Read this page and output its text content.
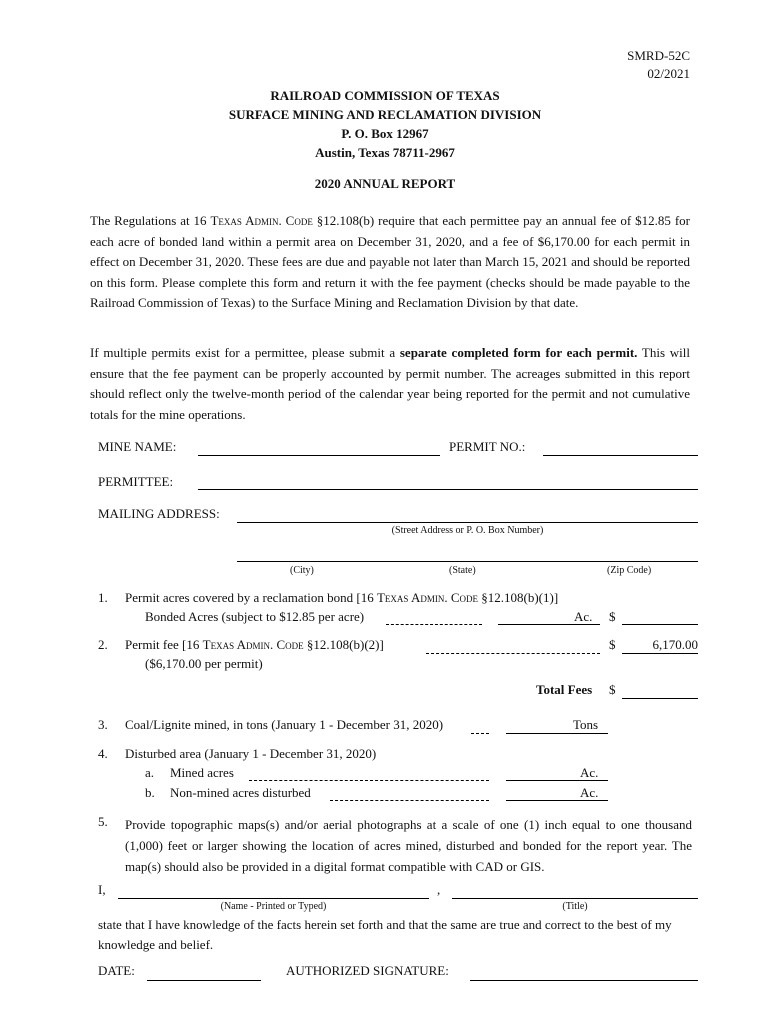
SMRD-52C
02/2021
RAILROAD COMMISSION OF TEXAS
SURFACE MINING AND RECLAMATION DIVISION
P. O. Box 12967
Austin, Texas 78711-2967
2020 ANNUAL REPORT
The Regulations at 16 Texas Admin. Code §12.108(b) require that each permittee pay an annual fee of $12.85 for each acre of bonded land within a permit area on December 31, 2020, and a fee of $6,170.00 for each permit in effect on December 31, 2020. These fees are due and payable not later than March 15, 2021 and should be reported on this form. Please complete this form and return it with the fee payment (checks should be made payable to the Railroad Commission of Texas) to the Surface Mining and Reclamation Division by that date.
If multiple permits exist for a permittee, please submit a separate completed form for each permit. This will ensure that the fee payment can be properly accounted by permit number. The acreages submitted in this report should reflect only the twelve-month period of the calendar year being reported for the permit and not cumulative totals for the mine operations.
MINE NAME:	PERMIT NO.:
PERMITTEE:
MAILING ADDRESS:
(Street Address or P. O. Box Number)
(City)	(State)	(Zip Code)
1. Permit acres covered by a reclamation bond [16 Texas Admin. Code §12.108(b)(1)]
Bonded Acres (subject to $12.85 per acre)	Ac. $
2. Permit fee [16 Texas Admin. Code §12.108(b)(2)]
($6,170.00 per permit)
$	6,170.00
Total Fees $
3. Coal/Lignite mined, in tons (January 1 - December 31, 2020)	Tons
4. Disturbed area (January 1 - December 31, 2020)
a. Mined acres	Ac.
b. Non-mined acres disturbed	Ac.
5. Provide topographic maps(s) and/or aerial photographs at a scale of one (1) inch equal to one thousand (1,000) feet or larger showing the location of acres mined, disturbed and bonded for the report year. The map(s) should also be provided in a digital format compatible with CAD or GIS.
I,	,
(Name - Printed or Typed)	(Title)
state that I have knowledge of the facts herein set forth and that the same are true and correct to the best of my knowledge and belief.
DATE:	AUTHORIZED SIGNATURE:
